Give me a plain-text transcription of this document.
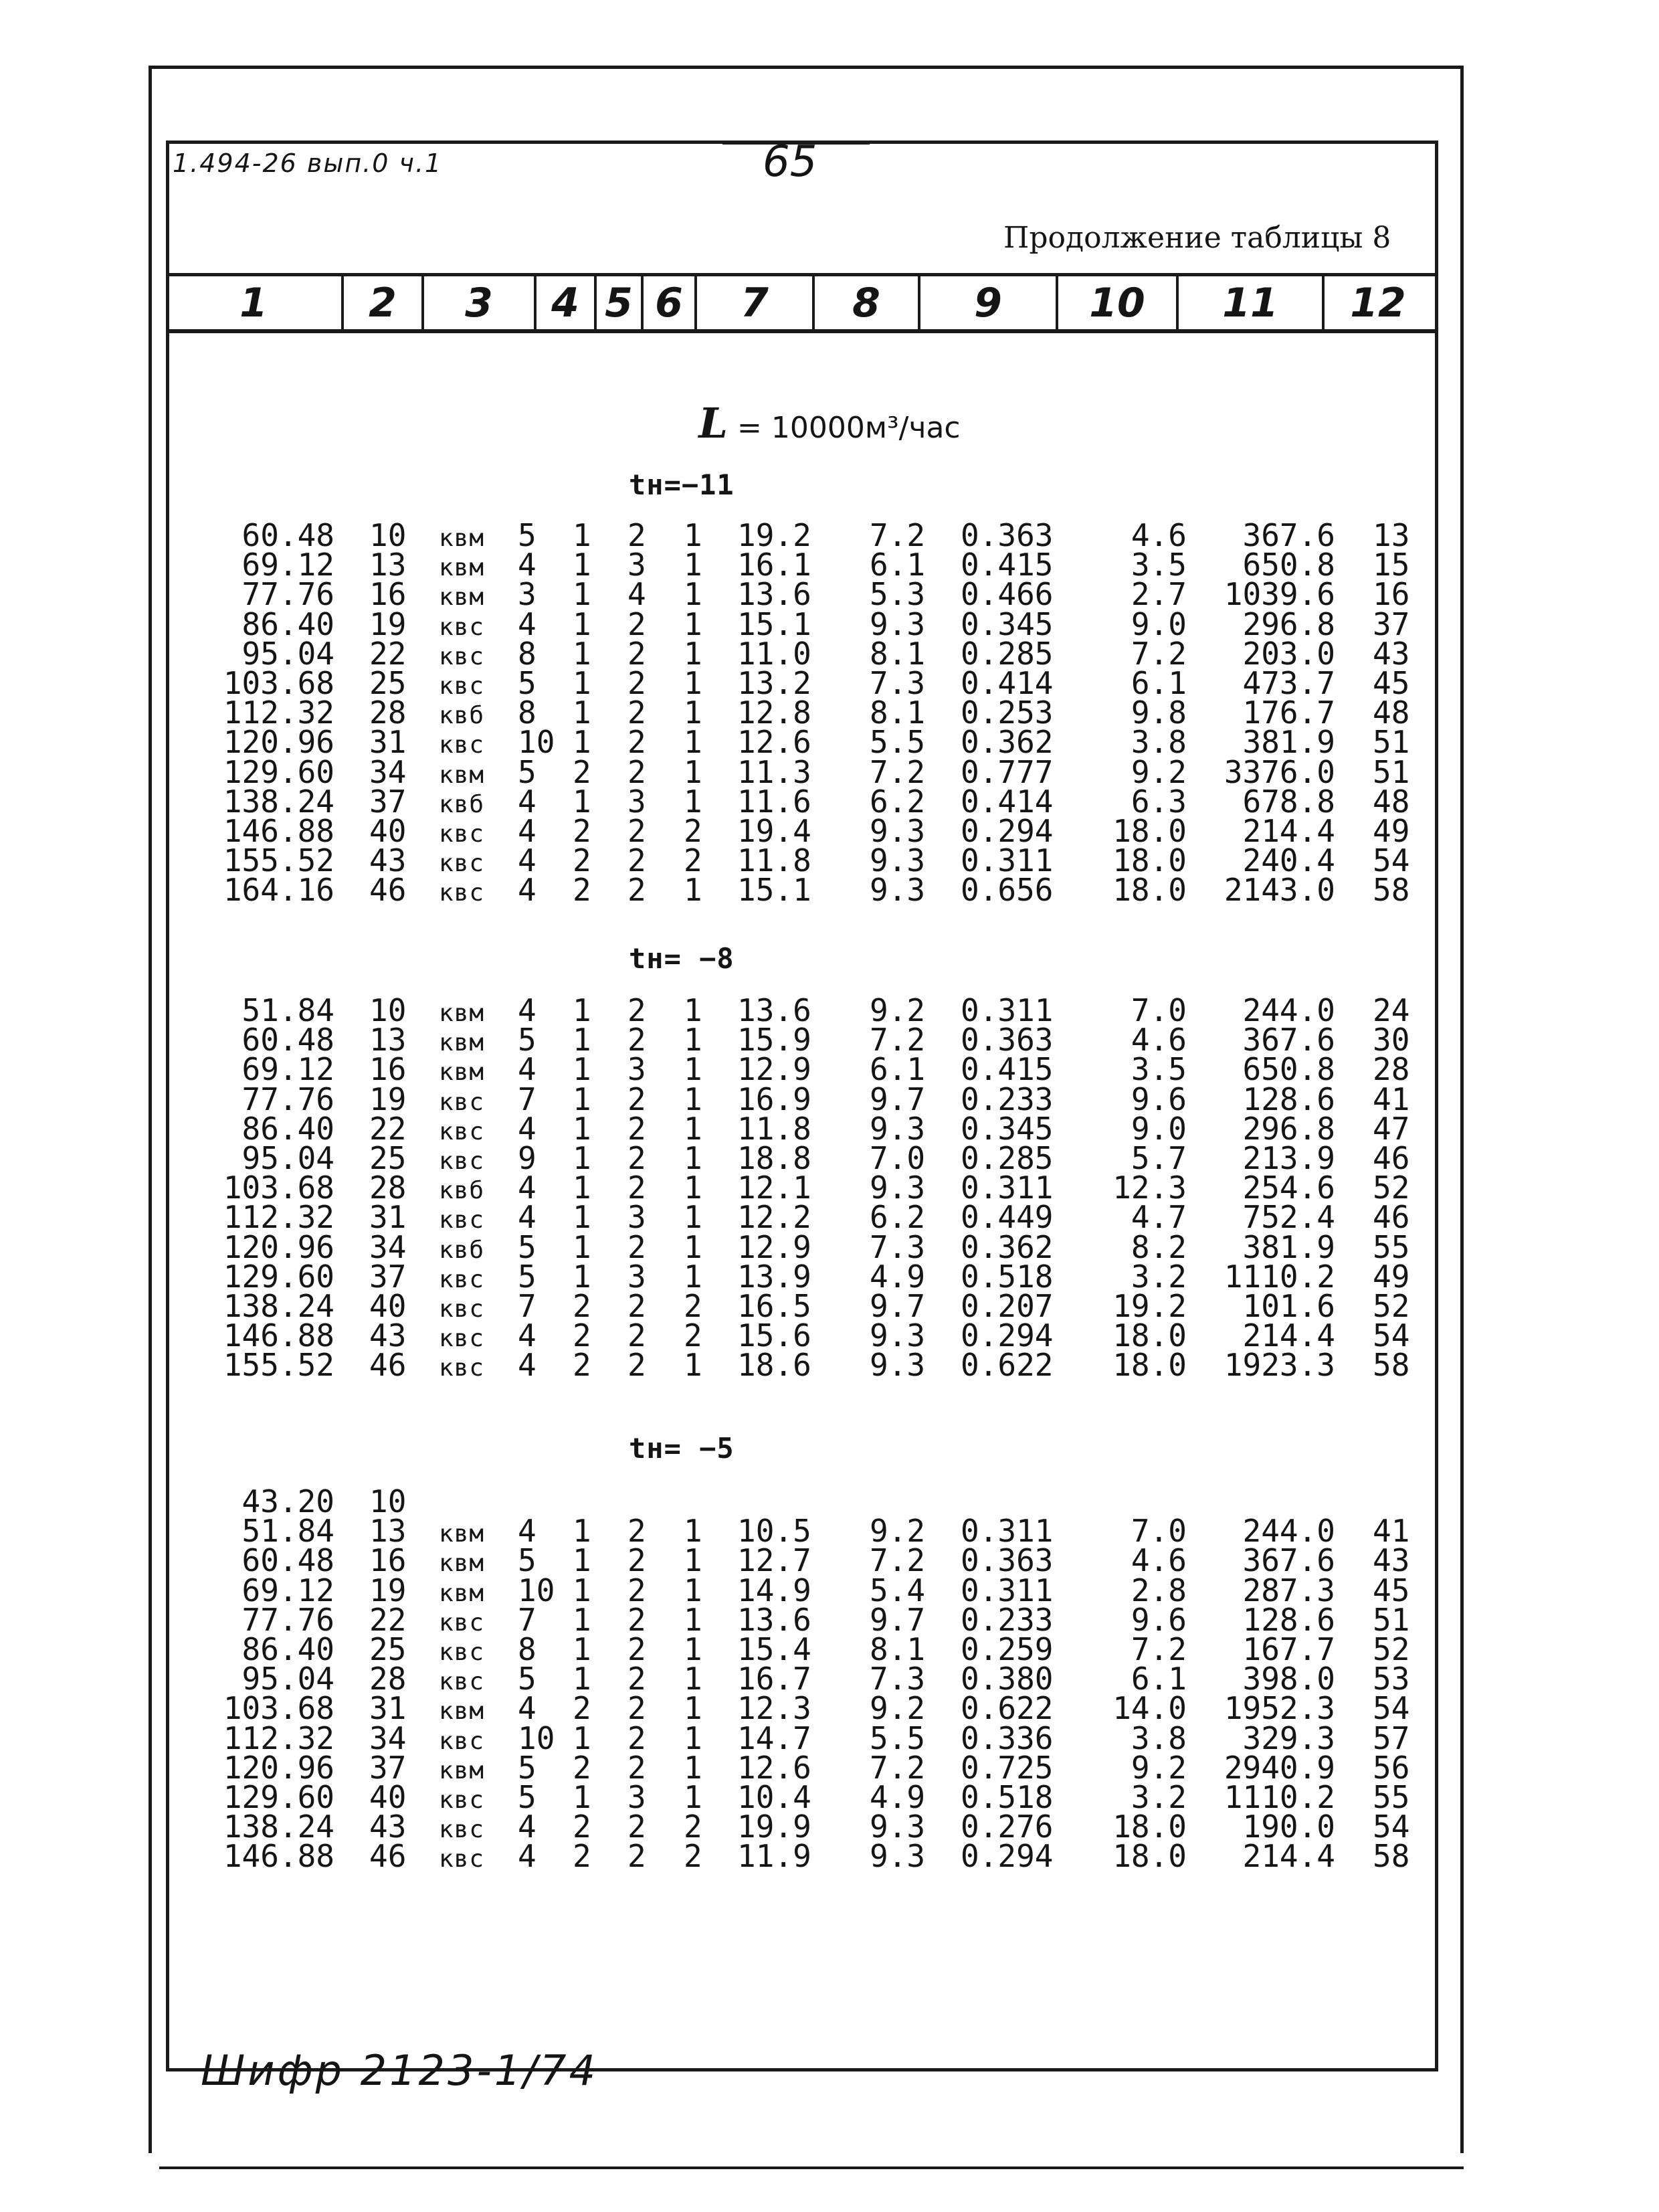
1.494-26 вып.0 ч.1	65
Продолжение таблицы 8
1	2	3	4 5 6	7	8	9	10	11	12
L = 10000м³/час
tн=−11
60.48 10 квм 5 1 2 1 19.2 7.2 0.363	4.6 367.6 13
69.12 13 квм 4 1 3 1 16.1 6.1 0.415	3.5 650.8 15
77.76 16 квм 3 1 4 1 13.6 5.3 0.466	2.7 1039.6 16
86.40 19 квс 4 1 2 1 15.1 9.3 0.345	9.0 296.8 37
95.04 22 квс 8 1 2 1 11.0 8.1 0.285	7.2 203.0 43
103.68 25 квс 5 1 2 1 13.2 7.3 0.414	6.1 473.7 45
112.32 28 квб 8 1 2 1 12.8 8.1 0.253	9.8 176.7 48
120.96 31 квс 10 1 2 1 12.6 5.5 0.362	3.8 381.9 51
129.60 34 квм 5 2 2 1 11.3 7.2 0.777	9.2 3376.0 51
138.24 37 квб 4 1 3 1 11.6 6.2 0.414	6.3 678.8 48
146.88 40 квс 4 2 2 2 19.4 9.3 0.294 18.0 214.4 49
155.52 43 квс 4 2 2 2 11.8 9.3 0.311 18.0 240.4 54
164.16 46 квс 4 2 2 1 15.1 9.3 0.656 18.0 2143.0 58
tн= −8
51.84 10 квм 4 1 2 1 13.6 9.2 0.311	7.0 244.0 24
60.48 13 квм 5 1 2 1 15.9 7.2 0.363	4.6 367.6 30
69.12 16 квм 4 1 3 1 12.9 6.1 0.415	3.5 650.8 28
77.76 19 квс 7 1 2 1 16.9 9.7 0.233	9.6 128.6 41
86.40 22 квс 4 1 2 1 11.8 9.3 0.345	9.0 296.8 47
95.04 25 квс 9 1 2 1 18.8 7.0 0.285	5.7 213.9 46
103.68 28 квб 4 1 2 1 12.1 9.3 0.311 12.3 254.6 52
112.32 31 квс 4 1 3 1 12.2 6.2 0.449	4.7 752.4 46
120.96 34 квб 5 1 2 1 12.9 7.3 0.362	8.2 381.9 55
129.60 37 квс 5 1 3 1 13.9 4.9 0.518	3.2 1110.2 49
138.24 40 квс 7 2 2 2 16.5 9.7 0.207 19.2 101.6 52
146.88 43 квс 4 2 2 2 15.6 9.3 0.294 18.0 214.4 54
155.52 46 квс 4 2 2 1 18.6 9.3 0.622 18.0 1923.3 58
tн= −5
43.20 10
51.84 13 квм 4 1 2 1 10.5 9.2 0.311	7.0 244.0 41
60.48 16 квм 5 1 2 1 12.7 7.2 0.363	4.6 367.6 43
69.12 19 квм 10 1 2 1 14.9 5.4 0.311	2.8 287.3 45
77.76 22 квс 7 1 2 1 13.6 9.7 0.233	9.6 128.6 51
86.40 25 квс 8 1 2 1 15.4 8.1 0.259	7.2 167.7 52
95.04 28 квс 5 1 2 1 16.7 7.3 0.380	6.1 398.0 53
103.68 31 квм 4 2 2 1 12.3 9.2 0.622 14.0 1952.3 54
112.32 34 квс 10 1 2 1 14.7 5.5 0.336	3.8 329.3 57
120.96 37 квм 5 2 2 1 12.6 7.2 0.725	9.2 2940.9 56
129.60 40 квс 5 1 3 1 10.4 4.9 0.518	3.2 1110.2 55
138.24 43 квс 4 2 2 2 19.9 9.3 0.276 18.0 190.0 54
146.88 46 квс 4 2 2 2 11.9 9.3 0.294 18.0 214.4 58
Шифр 2123-1/74
